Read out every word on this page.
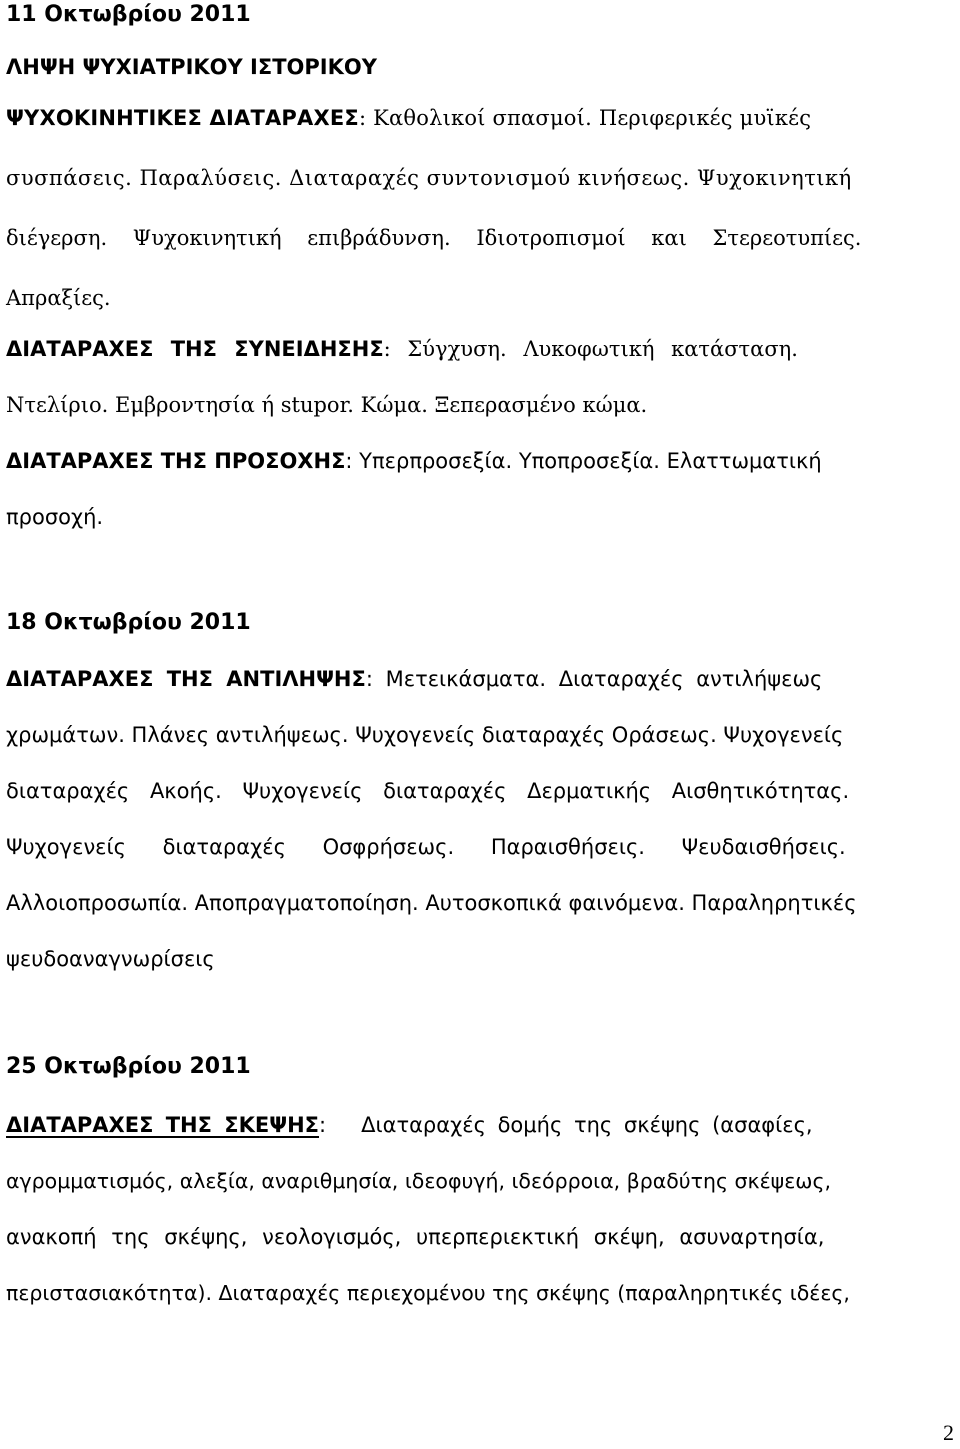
11 Οκτωβρίου 2011
ΛΗΨΗ ΨΥΧΙΑΤΡΙΚΟΥ ΙΣΤΟΡΙΚΟΥ
ΨΥΧΟΚΙΝΗΤΙΚΕΣ ΔΙΑΤΑΡΑΧΕΣ: Καθολικοί σπασμοί. Περιφερικές μυϊκές
συσπάσεις. Παραλύσεις. Διαταραχές συντονισμού κινήσεως. Ψυχοκινητική
διέγερση. Ψυχοκινητική επιβράδυνση. Ιδιοτροπισμοί και Στερεοτυπίες.
Απραξίες.
ΔΙΑΤΑΡΑΧΕΣ ΤΗΣ ΣΥΝΕΙΔΗΣΗΣ: Σύγχυση. Λυκοφωτική κατάσταση.
Ντελίριο. Εμβροντησία ή stupor. Κώμα. Ξεπερασμένο κώμα.
ΔΙΑΤΑΡΑΧΕΣ ΤΗΣ ΠΡΟΣΟΧΗΣ: Υπερπροσεξία. Υποπροσεξία. Ελαττωματική
προσοχή.
18 Οκτωβρίου 2011
ΔΙΑΤΑΡΑΧΕΣ ΤΗΣ ΑΝΤΙΛΗΨΗΣ: Μετεικάσματα. Διαταραχές αντιλήψεως
χρωμάτων. Πλάνες αντιλήψεως. Ψυχογενείς διαταραχές Οράσεως. Ψυχογενείς
διαταραχές Ακοής. Ψυχογενείς διαταραχές Δερματικής Αισθητικότητας.
Ψυχογενείς διαταραχές Οσφρήσεως. Παραισθήσεις. Ψευδαισθήσεις.
Αλλοιοπροσωπία. Αποπραγματοποίηση. Αυτοσκοπικά φαινόμενα. Παραληρητικές
ψευδοαναγνωρίσεις
25 Οκτωβρίου 2011
ΔΙΑΤΑΡΑΧΕΣ ΤΗΣ ΣΚΕΨΗΣ: Διαταραχές δομής της σκέψης (ασαφίες,
αγρομματισμός, αλεξία, αναριθμησία, ιδεοφυγή, ιδεόρροια, βραδύτης σκέψεως,
ανακοπή της σκέψης, νεολογισμός, υπερπεριεκτική σκέψη, ασυναρτησία,
περιστασιακότητα). Διαταραχές περιεχομένου της σκέψης (παραληρητικές ιδέες,
2
